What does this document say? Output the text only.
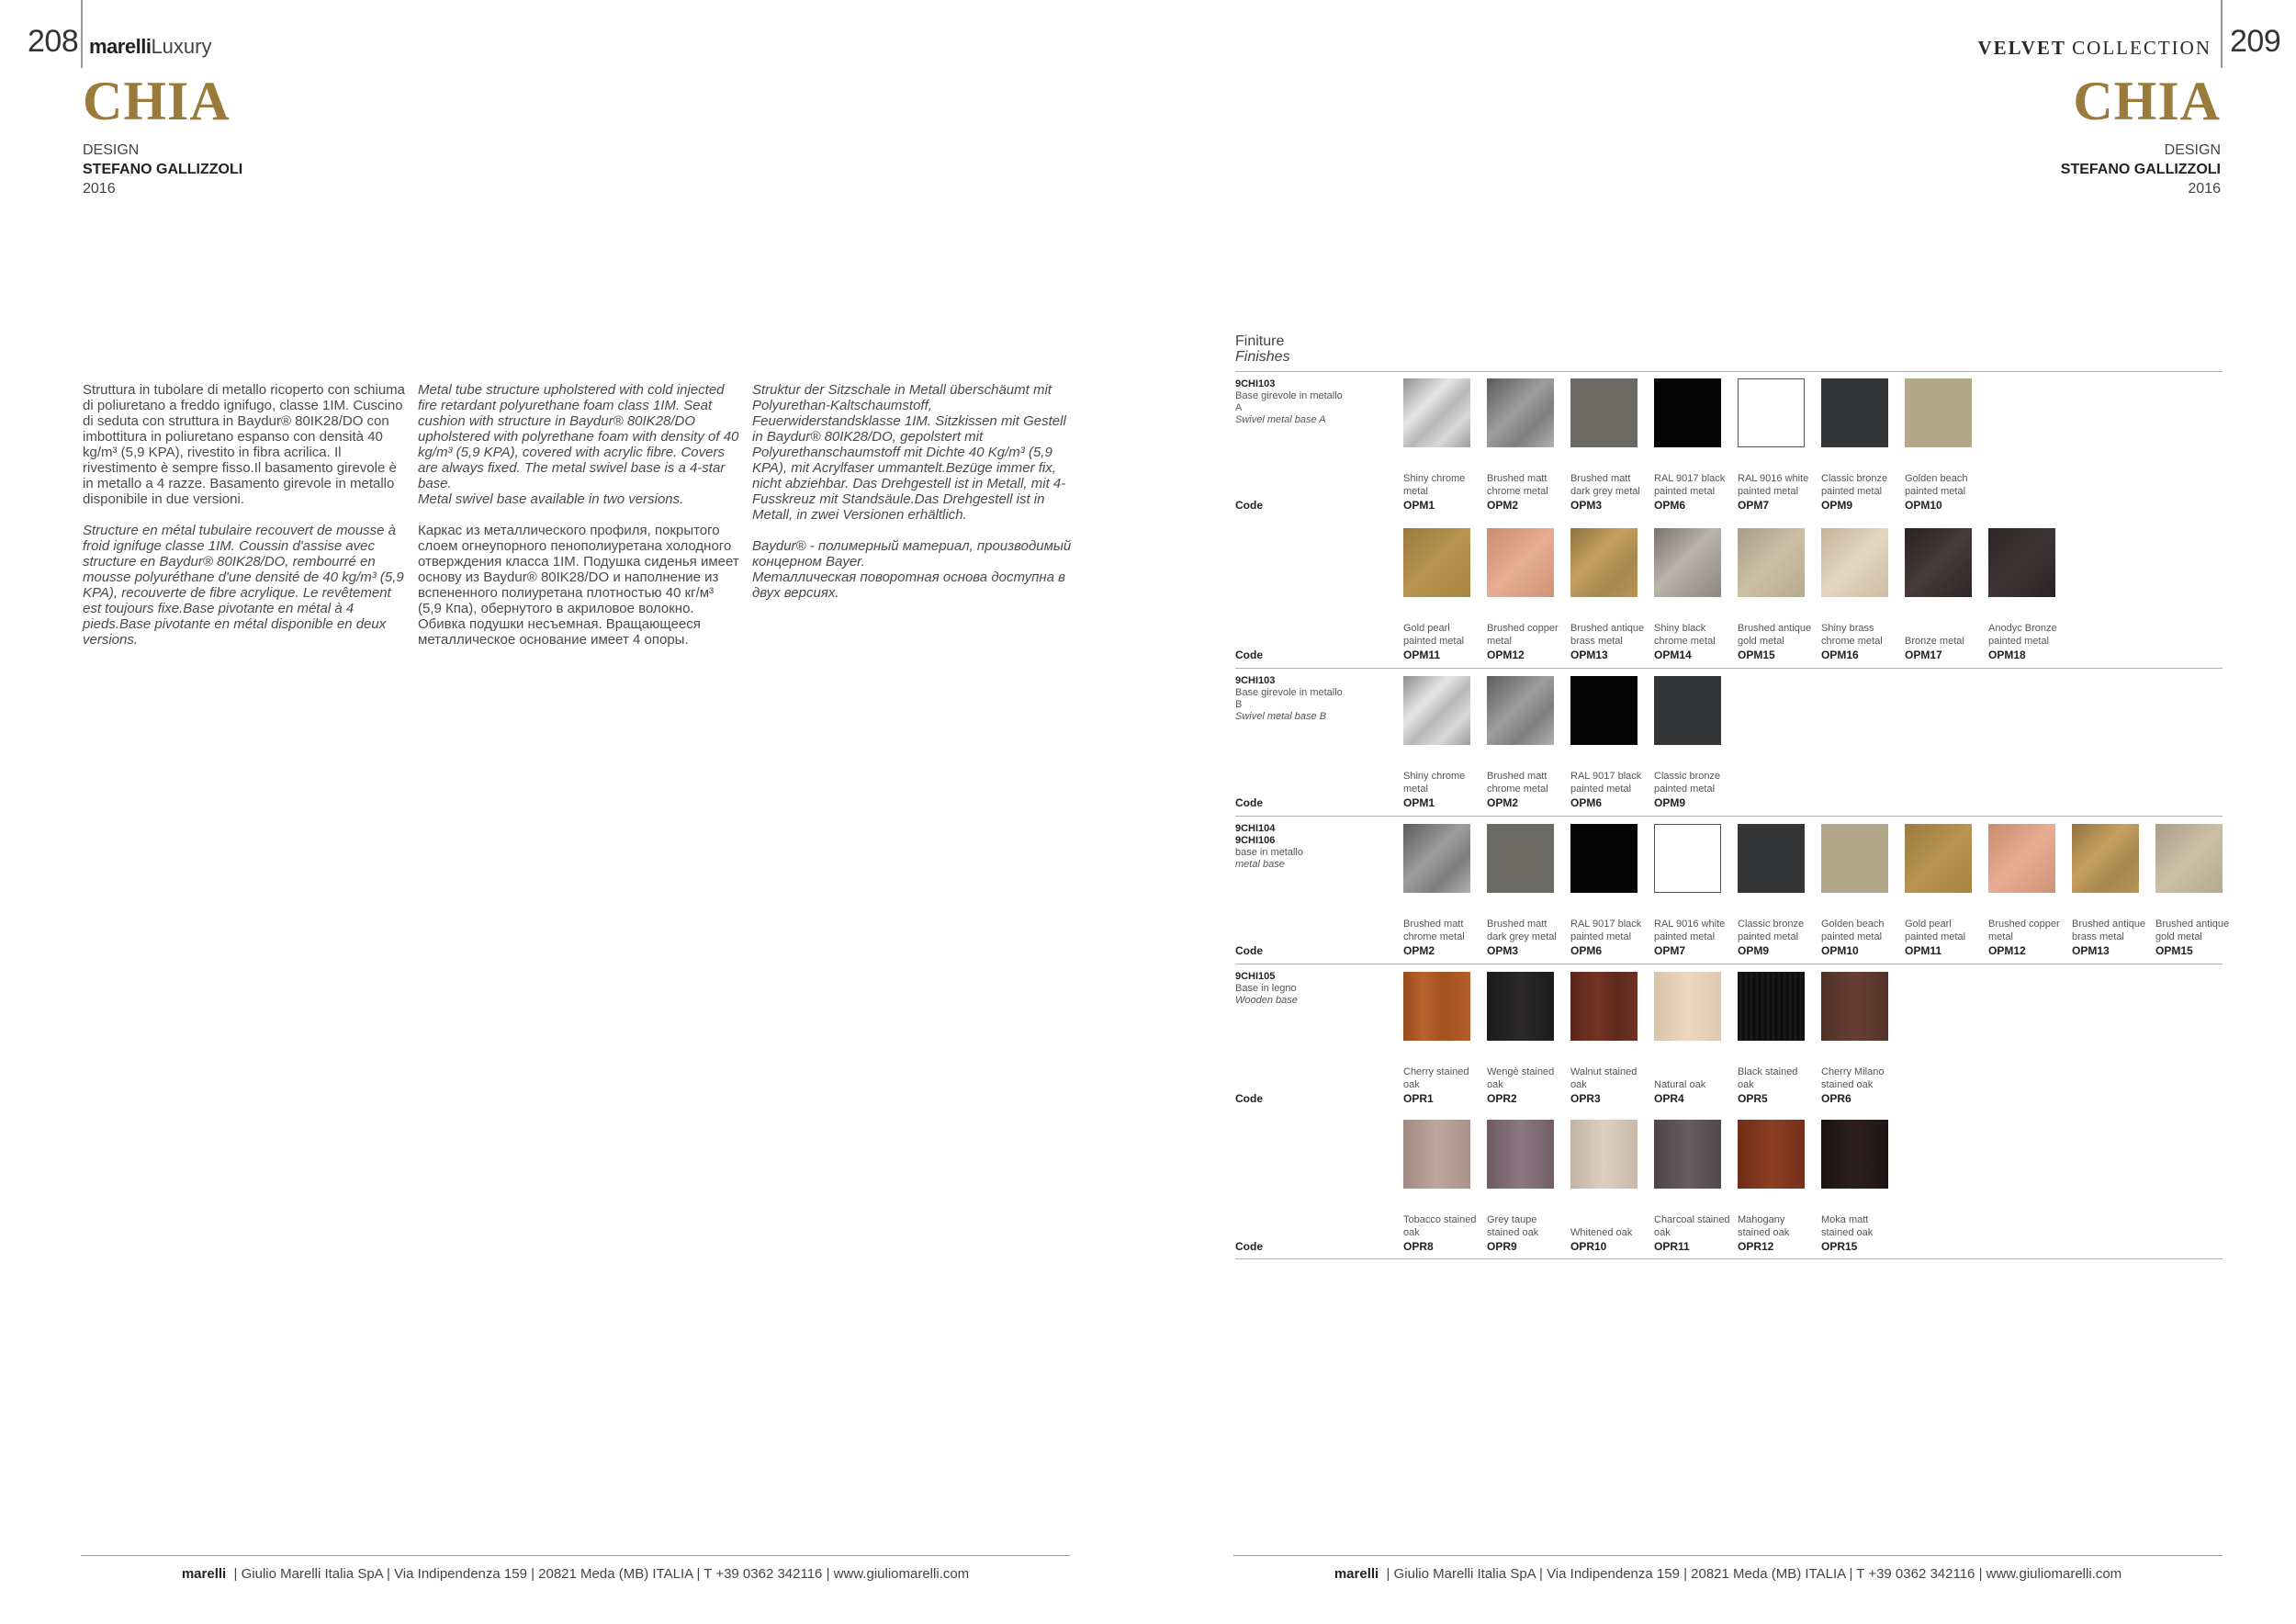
208 marelliLuxury
CHIA
DESIGN
STEFANO GALLIZZOLI
2016
VELVET COLLECTION 209
CHIA
DESIGN
STEFANO GALLIZZOLI
2016

Struttura in tubolare di metallo ricoperto con schiuma di poliuretano a freddo ignifugo, classe 1IM. Cuscino di seduta con struttura in Baydur® 80IK28/DO con imbottitura in poliuretano espanso con densità 40 kg/m³ (5,9 KPA), rivestito in fibra acrilica. Il rivestimento è sempre fisso.Il basamento girevole è in metallo a 4 razze. Basamento girevole in metallo disponibile in due versioni.

Structure en métal tubulaire recouvert de mousse à froid ignifuge classe 1IM. Coussin d'assise avec structure en Baydur® 80IK28/DO, rembourré en mousse polyuréthane d'une densité de 40 kg/m³ (5,9 KPA), recouverte de fibre acrylique. Le revêtement est toujours fixe.Base pivotante en métal à 4 pieds.Base pivotante en métal disponible en deux versions.

Metal tube structure upholstered with cold injected fire retardant polyurethane foam class 1IM. Seat cushion with structure in Baydur® 80IK28/DO upholstered with polyrethane foam with density of 40 kg/m³ (5,9 KPA), covered with acrylic fibre. Covers are always fixed. The metal swivel base is a 4-star base.
Metal swivel base available in two versions.

Каркас из металлического профиля, покрытого слоем огнеупорного пенополиуретана холодного отверждения класса 1IM. Подушка сиденья имеет основу из Baydur® 80IK28/DO и наполнение из вспененного полиуретана плотностью 40 кг/м³ (5,9 Кпа), обернутого в акриловое волокно. Обивка подушки несъемная. Вращающееся металлическое основание имеет 4 опоры.

Struktur der Sitzschale in Metall überschäumt mit Polyurethan-Kaltschaumstoff, Feuerwiderstandsklasse 1IM. Sitzkissen mit Gestell in Baydur® 80IK28/DO, gepolstert mit Polyurethanschaumstoff mit Dichte 40 Kg/m³ (5,9 KPA), mit Acrylfaser ummantelt.Bezüge immer fix, nicht abziehbar. Das Drehgestell ist in Metall, mit 4-Fusskreuz mit Standsäule.Das Drehgestell ist in Metall, in zwei Versionen erhältlich.

Baydur® - полимерный материал, производимый концерном Bayer.
Металлическая поворотная основа доступна в двух версиях.

Finiture
Finishes
9CHI103
Base girevole in metallo A
Swivel metal base A
Code
Shiny chrome metal
OPM1
Brushed matt chrome metal
OPM2
Brushed matt dark grey metal
OPM3
RAL 9017 black painted metal
OPM6
RAL 9016 white painted metal
OPM7
Classic bronze painted metal
OPM9
Golden beach painted metal
OPM10
Code
Gold pearl painted metal
OPM11
Brushed copper metal
OPM12
Brushed antique brass metal
OPM13
Shiny black chrome metal
OPM14
Brushed antique gold metal
OPM15
Shiny brass chrome metal
OPM16
Bronze metal
OPM17
Anodyc Bronze painted metal
OPM18
9CHI103
Base girevole in metallo B
Swivel metal base B
Code
Shiny chrome metal
OPM1
Brushed matt chrome metal
OPM2
RAL 9017 black painted metal
OPM6
Classic bronze painted metal
OPM9
9CHI104
9CHI106
base in metallo
metal base
Code
Brushed matt chrome metal
OPM2
Brushed matt dark grey metal
OPM3
RAL 9017 black painted metal
OPM6
RAL 9016 white painted metal
OPM7
Classic bronze painted metal
OPM9
Golden beach painted metal
OPM10
Gold pearl painted metal
OPM11
Brushed copper metal
OPM12
Brushed antique brass metal
OPM13
Brushed antique gold metal
OPM15
9CHI105
Base in legno
Wooden base
Code
Cherry stained oak
OPR1
Wengè stained oak
OPR2
Walnut stained oak
OPR3
Natural oak
OPR4
Black stained oak
OPR5
Cherry Milano stained oak
OPR6
Code
Tobacco stained oak
OPR8
Grey taupe stained oak
OPR9
Whitened oak
OPR10
Charcoal stained oak
OPR11
Mahogany stained oak
OPR12
Moka matt stained oak
OPR15
marelli | Giulio Marelli Italia SpA | Via Indipendenza 159 | 20821 Meda (MB) ITALIA | T +39 0362 342116 | www.giuliomarelli.com	marelli | Giulio Marelli Italia SpA | Via Indipendenza 159 | 20821 Meda (MB) ITALIA | T +39 0362 342116 | www.giuliomarelli.com
